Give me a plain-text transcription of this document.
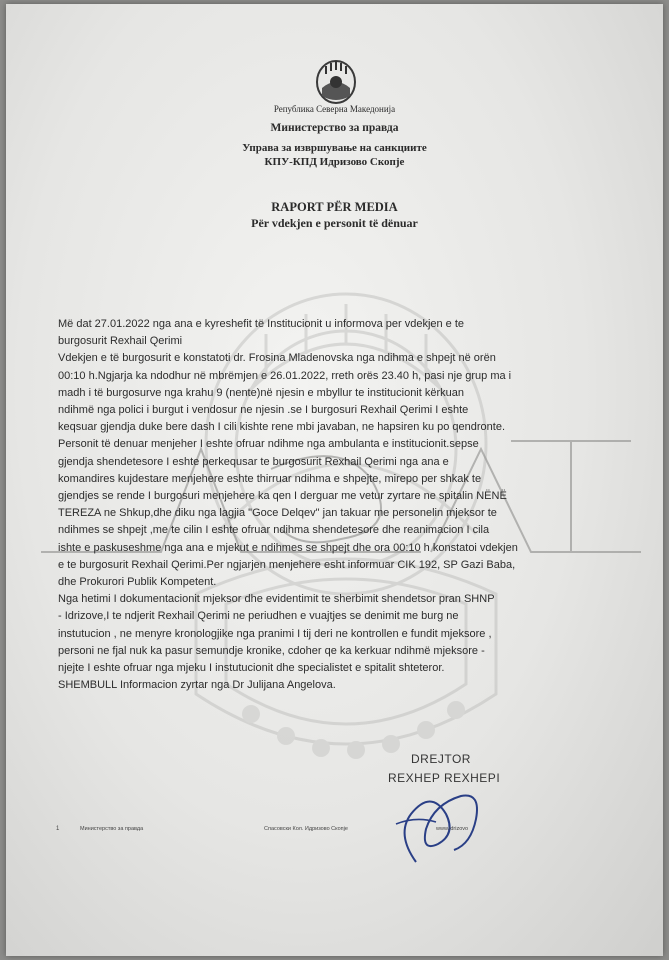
Република Северна Македонија
Министерство за правда
Управа за извршување на санкциите
КПУ-КПД Идризово Скопје
RAPORT PËR MEDIA
Për vdekjen e personit të dënuar

Më dat 27.01.2022 nga ana e kyreshefit të Institucionit u informova per vdekjen e te

burgosurit Rexhail Qerimi

Vdekjen e të burgosurit e konstatoti dr. Frosina Mladenovska nga ndihma e shpejt në orën

00:10 h.Ngjarja ka ndodhur në mbrëmjen e 26.01.2022, rreth orës 23.40 h, pasi nje grup ma i

madh i të burgosurve nga krahu 9 (nente)në njesin e mbyllur te institucionit kërkuan

ndihmë nga polici i burgut i vendosur ne njesin .se I burgosuri Rexhail Qerimi I eshte

keqsuar gjendja duke bere dash I cili kishte rene mbi javaban, ne hapsiren ku po qendronte.

Personit të denuar menjeher I eshte ofruar ndihme nga ambulanta e institucionit.sepse

gjendja shendetesore I eshte perkequsar te burgosurit Rexhail Qerimi nga ana e

komandires kujdestare menjehere eshte thirruar ndihma e shpejte, mirepo per shkak te

gjendjes se rende I burgosuri menjehere ka qen I derguar me vetur zyrtare ne spitalin NËNË

TEREZA ne Shkup,dhe diku nga lagjia "Goce Delqev" jan takuar me personelin mjeksor te

ndihmes se shpejt ,me te cilin I eshte ofruar ndihma shendetesore dhe reanimacion I cila

ishte e paskuseshme nga ana e mjekut e ndihmes se shpejt dhe ora 00:10 h konstatoi vdekjen

e te burgosurit Rexhail Qerimi.Per ngjarjen menjehere esht informuar CIK 192, SP Gazi Baba,

dhe Prokurori Publik Kompetent.

Nga hetimi I dokumentacionit mjeksor dhe evidentimit te sherbimit shendetsor pran SHNP

- Idrizove,I te ndjerit Rexhail Qerimi ne periudhen e vuajtjes se denimit me burg ne

instutucion , ne menyre kronologjike nga pranimi I tij deri ne kontrollen e fundit mjeksore ,

personi ne fjal nuk ka pasur semundje kronike, cdoher qe ka kerkuar ndihmë mjeksore -

njejte I eshte ofruar nga mjeku I instutucionit dhe specialistet e spitalit shteteror.

SHEMBULL Informacion zyrtar nga Dr Julijana Angelova.

DREJTOR
REXHEP REXHEPI
1	Министерство за правда	Спасовски Кол. Идризово Скопје	www.idrizovo
